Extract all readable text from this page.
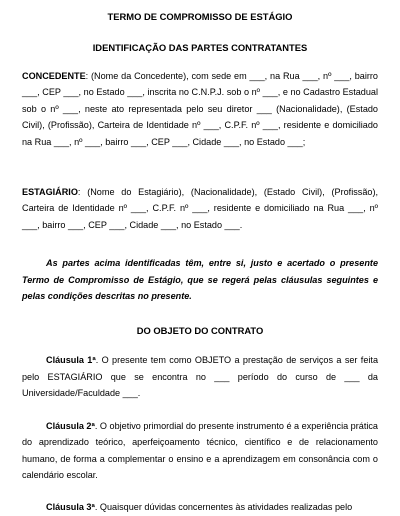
TERMO DE COMPROMISSO DE ESTÁGIO
IDENTIFICAÇÃO DAS PARTES CONTRATANTES

CONCEDENTE: (Nome da Concedente), com sede em ___, na Rua ___, nº ___, bairro ___, CEP ___, no Estado ___, inscrita no C.N.P.J. sob o nº ___, e no Cadastro Estadual sob o nº ___, neste ato representada pelo seu diretor ___ (Nacionalidade), (Estado Civil), (Profissão), Carteira de Identidade nº ___, C.P.F. nº ___, residente e domiciliado na Rua ___, nº ___, bairro ___, CEP ___, Cidade ___, no Estado ___;

ESTAGIÁRIO: (Nome do Estagiário), (Nacionalidade), (Estado Civil), (Profissão), Carteira de Identidade nº ___, C.P.F. nº ___, residente e domiciliado na Rua ___, nº ___, bairro ___, CEP ___, Cidade ___, no Estado ___.

As partes acima identificadas têm, entre si, justo e acertado o presente Termo de Compromisso de Estágio, que se regerá pelas cláusulas seguintes e pelas condições descritas no presente.

DO OBJETO DO CONTRATO

Cláusula 1ª. O presente tem como OBJETO a prestação de serviços a ser feita pelo ESTAGIÁRIO que se encontra no ___ período do curso de ___ da Universidade/Faculdade ___.

Cláusula 2ª. O objetivo primordial do presente instrumento é a experiência prática do aprendizado teórico, aperfeiçoamento técnico, científico e de relacionamento humano, de forma a complementar o ensino e a aprendizagem em consonância com o calendário escolar.

Cláusula 3ª. Quaisquer dúvidas concernentes às atividades realizadas pelo
